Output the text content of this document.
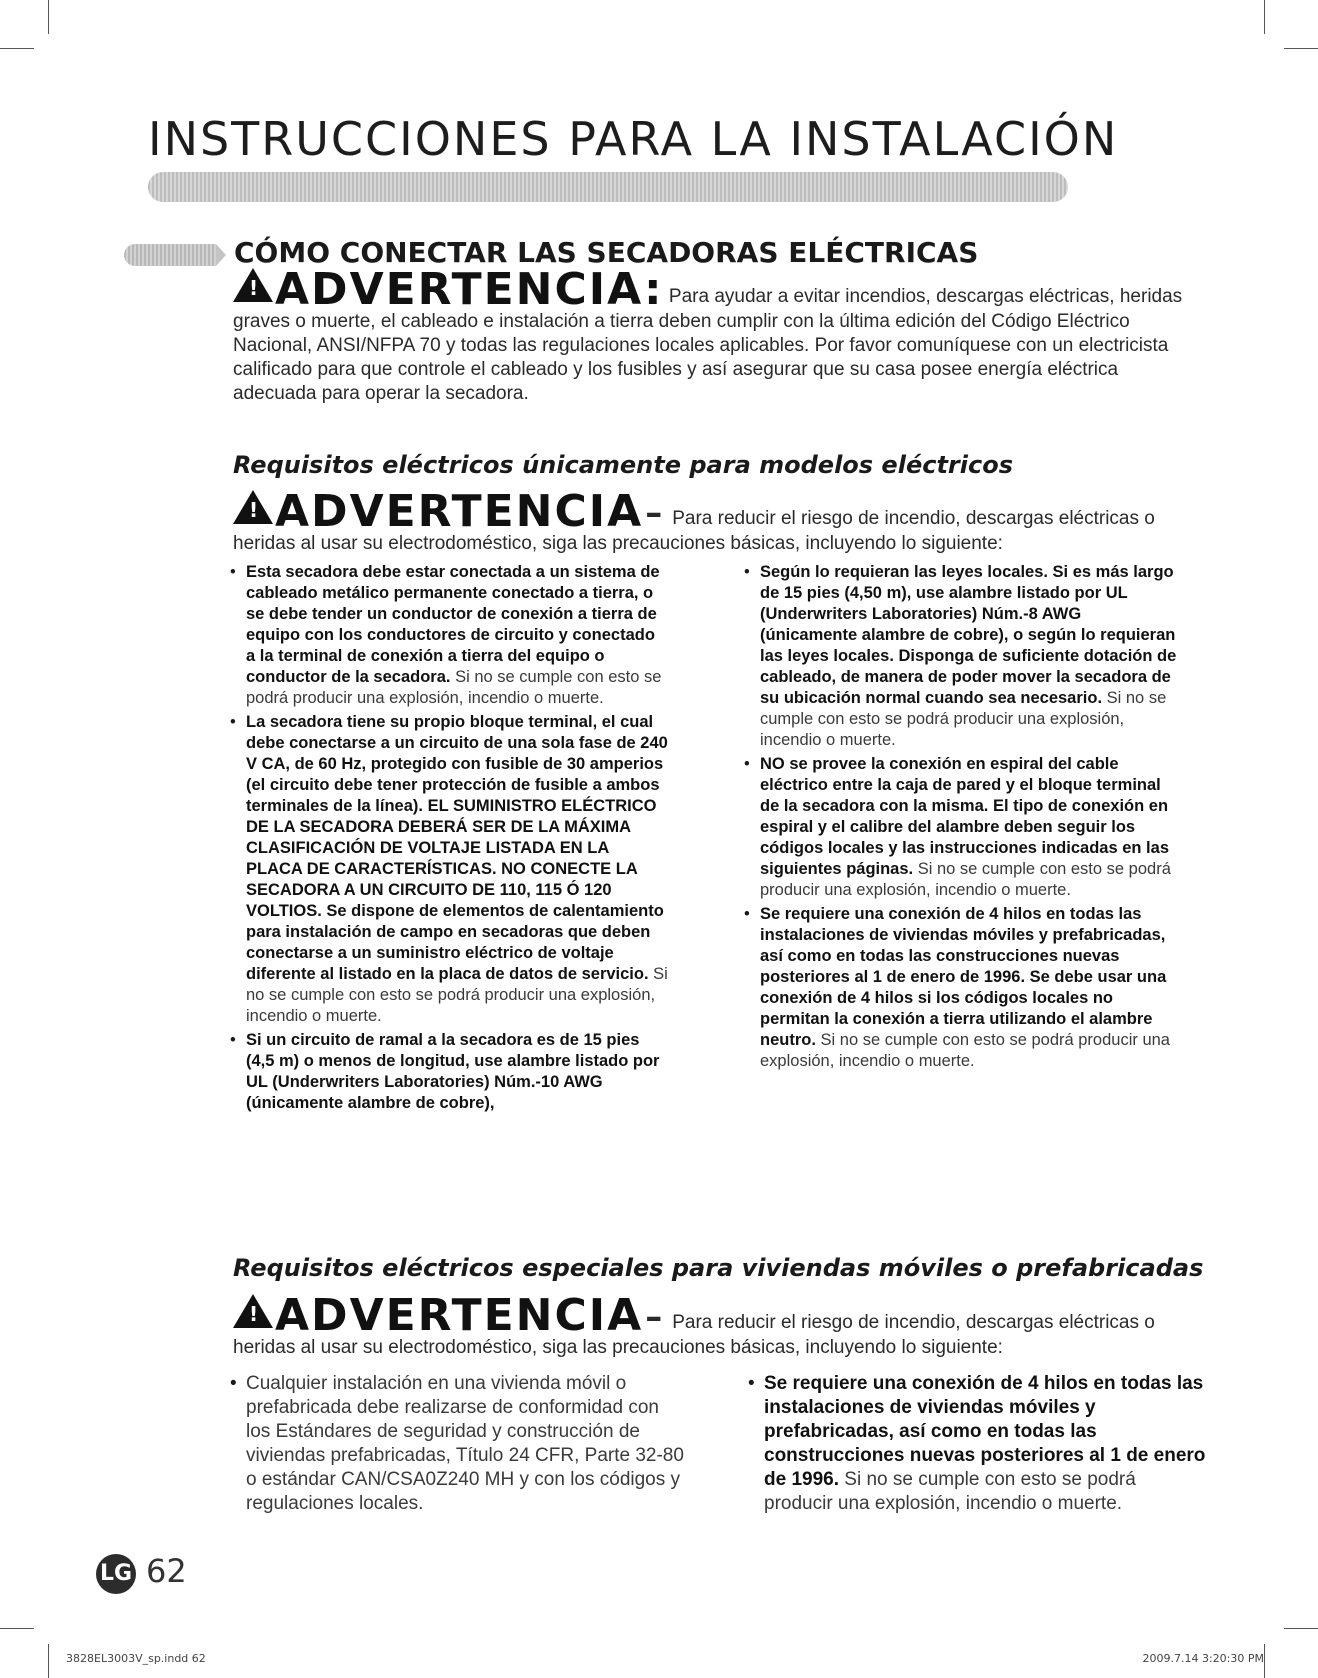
INSTRUCCIONES PARA LA INSTALACIÓN
CÓMO CONECTAR LAS SECADORAS ELÉCTRICAS
!ADVERTENCIA: Para ayudar a evitar incendios, descargas eléctricas, heridas graves o muerte, el cableado e instalación a tierra deben cumplir con la última edición del Código Eléctrico Nacional, ANSI/NFPA 70 y todas las regulaciones locales aplicables. Por favor comuníquese con un electricista calificado para que controle el cableado y los fusibles y así asegurar que su casa posee energía eléctrica adecuada para operar la secadora.
Requisitos eléctricos únicamente para modelos eléctricos
!ADVERTENCIA– Para reducir el riesgo de incendio, descargas eléctricas o heridas al usar su electrodoméstico, siga las precauciones básicas, incluyendo lo siguiente:
• Esta secadora debe estar conectada a un sistema de cableado metálico permanente conectado a tierra, o se debe tender un conductor de conexión a tierra de equipo con los conductores de circuito y conectado a la terminal de conexión a tierra del equipo o conductor de la secadora. Si no se cumple con esto se podrá producir una explosión, incendio o muerte.
• La secadora tiene su propio bloque terminal, el cual debe conectarse a un circuito de una sola fase de 240 V CA, de 60 Hz, protegido con fusible de 30 amperios (el circuito debe tener protección de fusible a ambos terminales de la línea). EL SUMINISTRO ELÉCTRICO DE LA SECADORA DEBERÁ SER DE LA MÁXIMA CLASIFICACIÓN DE VOLTAJE LISTADA EN LA PLACA DE CARACTERÍSTICAS. NO CONECTE LA SECADORA A UN CIRCUITO DE 110, 115 Ó 120 VOLTIOS. Se dispone de elementos de calentamiento para instalación de campo en secadoras que deben conectarse a un suministro eléctrico de voltaje diferente al listado en la placa de datos de servicio. Si no se cumple con esto se podrá producir una explosión, incendio o muerte.
• Si un circuito de ramal a la secadora es de 15 pies (4,5 m) o menos de longitud, use alambre listado por UL (Underwriters Laboratories) Núm.-10 AWG (únicamente alambre de cobre),
• Según lo requieran las leyes locales. Si es más largo de 15 pies (4,50 m), use alambre listado por UL (Underwriters Laboratories) Núm.-8 AWG (únicamente alambre de cobre), o según lo requieran las leyes locales. Disponga de suficiente dotación de cableado, de manera de poder mover la secadora de su ubicación normal cuando sea necesario. Si no se cumple con esto se podrá producir una explosión, incendio o muerte.
• NO se provee la conexión en espiral del cable eléctrico entre la caja de pared y el bloque terminal de la secadora con la misma. El tipo de conexión en espiral y el calibre del alambre deben seguir los códigos locales y las instrucciones indicadas en las siguientes páginas. Si no se cumple con esto se podrá producir una explosión, incendio o muerte.
• Se requiere una conexión de 4 hilos en todas las instalaciones de viviendas móviles y prefabricadas, así como en todas las construcciones nuevas posteriores al 1 de enero de 1996. Se debe usar una conexión de 4 hilos si los códigos locales no permitan la conexión a tierra utilizando el alambre neutro. Si no se cumple con esto se podrá producir una explosión, incendio o muerte.
Requisitos eléctricos especiales para viviendas móviles o prefabricadas
!ADVERTENCIA– Para reducir el riesgo de incendio, descargas eléctricas o heridas al usar su electrodoméstico, siga las precauciones básicas, incluyendo lo siguiente:
• Cualquier instalación en una vivienda móvil o prefabricada debe realizarse de conformidad con los Estándares de seguridad y construcción de viviendas prefabricadas, Título 24 CFR, Parte 32-80 o estándar CAN/CSA0Z240 MH y con los códigos y regulaciones locales.
• Se requiere una conexión de 4 hilos en todas las instalaciones de viviendas móviles y prefabricadas, así como en todas las construcciones nuevas posteriores al 1 de enero de 1996. Si no se cumple con esto se podrá producir una explosión, incendio o muerte.
LG 62
3828EL3003V_sp.indd 62	2009.7.14 3:20:30 PM
